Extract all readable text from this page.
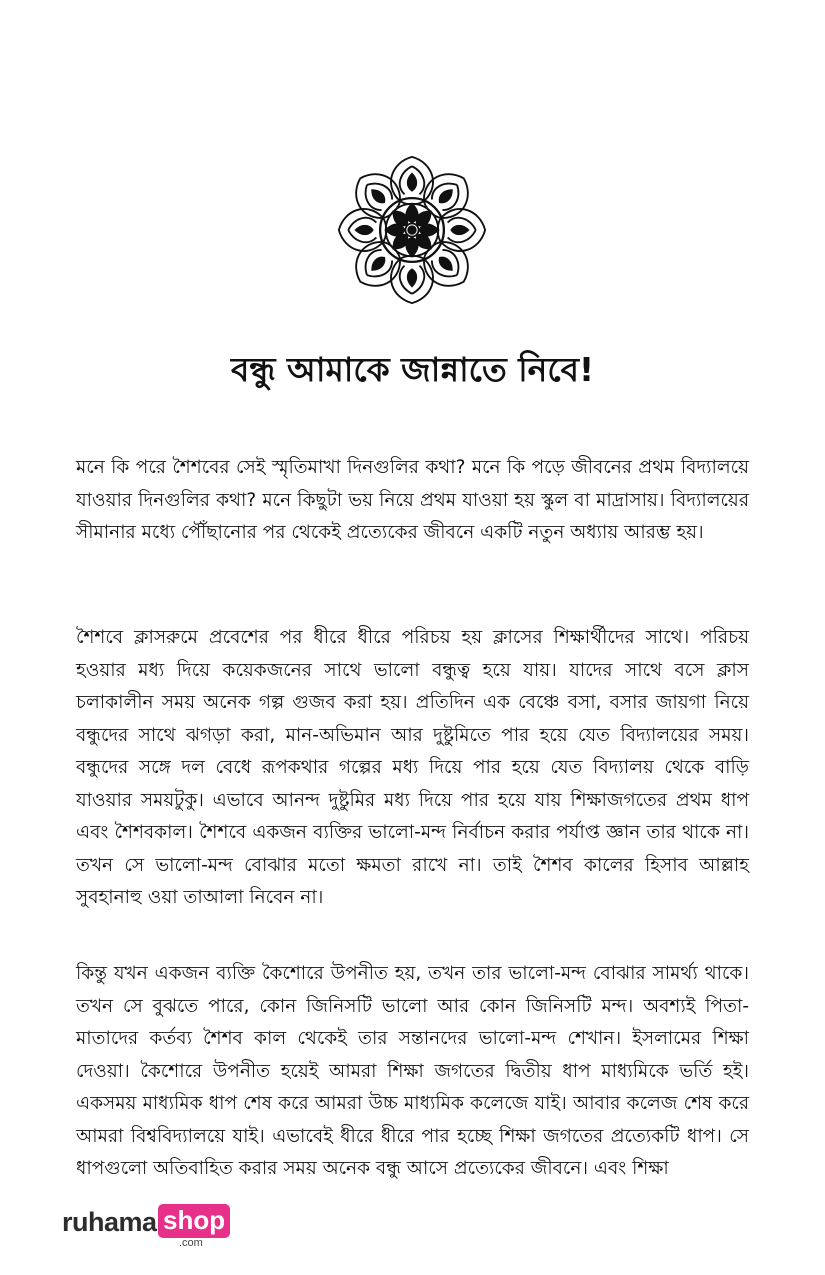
বন্ধু আমাকে জান্নাতে নিবে!

মনে কি পরে শৈশবের সেই স্মৃতিমাখা দিনগুলির কথা? মনে কি পড়ে জীবনের প্রথম বিদ্যালয়ে যাওয়ার দিনগুলির কথা? মনে কিছুটা ভয় নিয়ে প্রথম যাওয়া হয় স্কুল বা মাদ্রাসায়। বিদ্যালয়ের সীমানার মধ্যে পৌঁছানোর পর থেকেই প্রত্যেকের জীবনে একটি নতুন অধ্যায় আরম্ভ হয়।

শৈশবে ক্লাসরুমে প্রবেশের পর ধীরে ধীরে পরিচয় হয় ক্লাসের শিক্ষার্থীদের সাথে। পরিচয় হওয়ার মধ্য দিয়ে কয়েকজনের সাথে ভালো বন্ধুত্ব হয়ে যায়। যাদের সাথে বসে ক্লাস চলাকালীন সময় অনেক গল্প গুজব করা হয়। প্রতিদিন এক বেঞ্চে বসা, বসার জায়গা নিয়ে বন্ধুদের সাথে ঝগড়া করা, মান-অভিমান আর দুষ্টুমিতে পার হয়ে যেত বিদ্যালয়ের সময়। বন্ধুদের সঙ্গে দল বেধে রূপকথার গল্পের মধ্য দিয়ে পার হয়ে যেত বিদ্যালয় থেকে বাড়ি যাওয়ার সময়টুকু। এভাবে আনন্দ দুষ্টুমির মধ্য দিয়ে পার হয়ে যায় শিক্ষাজগতের প্রথম ধাপ এবং শৈশবকাল। শৈশবে একজন ব্যক্তির ভালো-মন্দ নির্বাচন করার পর্যাপ্ত জ্ঞান তার থাকে না। তখন সে ভালো-মন্দ বোঝার মতো ক্ষমতা রাখে না। তাই শৈশব কালের হিসাব আল্লাহ সুবহানাহু ওয়া তাআলা নিবেন না।

কিন্তু যখন একজন ব্যক্তি কৈশোরে উপনীত হয়, তখন তার ভালো-মন্দ বোঝার সামর্থ্য থাকে। তখন সে বুঝতে পারে, কোন জিনিসটি ভালো আর কোন জিনিসটি মন্দ। অবশ্যই পিতা-মাতাদের কর্তব্য শৈশব কাল থেকেই তার সন্তানদের ভালো-মন্দ শেখান। ইসলামের শিক্ষা দেওয়া। কৈশোরে উপনীত হয়েই আমরা শিক্ষা জগতের দ্বিতীয় ধাপ মাধ্যমিকে ভর্তি হই। একসময় মাধ্যমিক ধাপ শেষ করে আমরা উচ্চ মাধ্যমিক কলেজে যাই। আবার কলেজ শেষ করে আমরা বিশ্ববিদ্যালয়ে যাই। এভাবেই ধীরে ধীরে পার হচ্ছে শিক্ষা জগতের প্রত্যেকটি ধাপ। সে ধাপগুলো অতিবাহিত করার সময় অনেক বন্ধু আসে প্রত্যেকের জীবনে। এবং শিক্ষা

ruhama shop
.com
